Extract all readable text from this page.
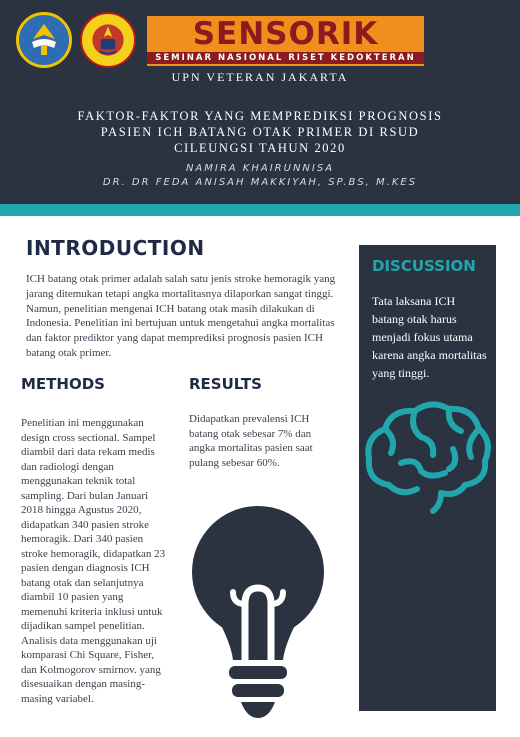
SENSORIK
SEMINAR NASIONAL RISET KEDOKTERAN
UPN VETERAN JAKARTA
FAKTOR-FAKTOR YANG MEMPREDIKSI PROGNOSIS
PASIEN ICH BATANG OTAK PRIMER DI RSUD
CILEUNGSI TAHUN 2020
NAMIRA KHAIRUNNISA
DR. DR FEDA ANISAH MAKKIYAH, SP.BS, M.KES
INTRODUCTION
ICH batang otak primer adalah salah satu jenis stroke hemoragik yang jarang ditemukan tetapi angka mortalitasnya dilaporkan sangat tinggi. Namun, penelitian mengenai ICH batang otak masih dilakukan di Indonesia. Penelitian ini bertujuan untuk mengetahui angka mortalitas dan faktor prediktor yang dapat memprediksi prognosis pasien ICH batang otak primer.
METHODS
Penelitian ini menggunakan design cross sectional. Sampel diambil dari data rekam medis dan radiologi dengan menggunakan teknik total sampling. Dari bulan Januari 2018 hingga Agustus 2020, didapatkan 340 pasien stroke hemoragik. Dari 340 pasien stroke hemoragik, didapatkan 23 pasien dengan diagnosis ICH batang otak dan selanjutnya diambil 10 pasien yang memenuhi kriteria inklusi untuk dijadikan sampel penelitian. Analisis data menggunakan uji komparasi Chi Square, Fisher, dan Kolmogorov smirnov. yang disesuaikan dengan masing-masing variabel.
RESULTS
Didapatkan prevalensi ICH batang otak sebesar 7% dan angka mortalitas pasien saat pulang sebesar 60%.
DISCUSSION
Tata laksana ICH batang otak harus menjadi fokus utama karena angka mortalitas yang tinggi.
